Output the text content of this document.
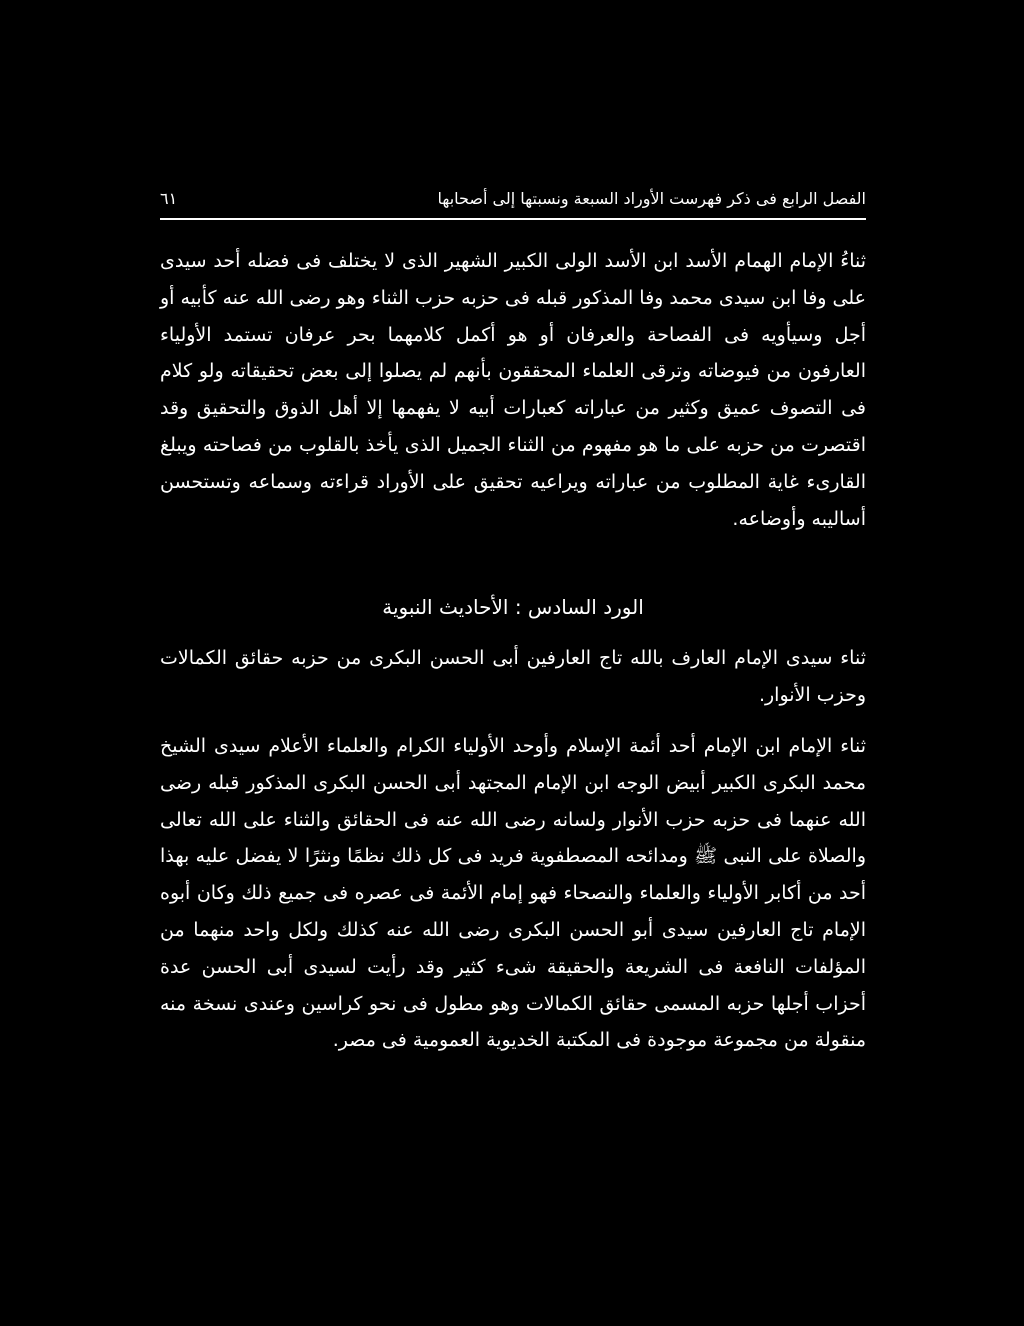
الفصل الرابع فى ذكر فهرست الأوراد السبعة ونسبتها إلى أصحابها
٦١

ثناءُ الإمام الهمام الأسد ابن الأسد الولى الكبير الشهير الذى لا يختلف فى فضله أحد سيدى على وفا ابن سيدى محمد وفا المذكور قبله فى حزبه حزب الثناء وهو رضى الله عنه كأبيه أو أجل وسيأويه فى الفصاحة والعرفان أو هو أكمل كلامهما بحر عرفان تستمد الأولياء العارفون من فيوضاته وترقى العلماء المحققون بأنهم لم يصلوا إلى بعض تحقيقاته ولو كلام فى التصوف عميق وكثير من عباراته كعبارات أبيه لا يفهمها إلا أهل الذوق والتحقيق وقد اقتصرت من حزبه على ما هو مفهوم من الثناء الجميل الذى يأخذ بالقلوب من فصاحته ويبلغ القارىء غاية المطلوب من عباراته ويراعيه تحقيق على الأوراد قراءته وسماعه وتستحسن أساليبه وأوضاعه.

الورد السادس : الأحاديث النبوية

ثناء سيدى الإمام العارف بالله تاج العارفين أبى الحسن البكرى من حزبه حقائق الكمالات وحزب الأنوار.

ثناء الإمام ابن الإمام أحد أئمة الإسلام وأوحد الأولياء الكرام والعلماء الأعلام سيدى الشيخ محمد البكرى الكبير أبيض الوجه ابن الإمام المجتهد أبى الحسن البكرى المذكور قبله رضى الله عنهما فى حزبه حزب الأنوار ولسانه رضى الله عنه فى الحقائق والثناء على الله تعالى والصلاة على النبى ﷺ ومدائحه المصطفوية فريد فى كل ذلك نظمًا ونثرًا لا يفضل عليه بهذا أحد من أكابر الأولياء والعلماء والنصحاء فهو إمام الأئمة فى عصره فى جميع ذلك وكان أبوه الإمام تاج العارفين سيدى أبو الحسن البكرى رضى الله عنه كذلك ولكل واحد منهما من المؤلفات النافعة فى الشريعة والحقيقة شىء كثير وقد رأيت لسيدى أبى الحسن عدة أحزاب أجلها حزبه المسمى حقائق الكمالات وهو مطول فى نحو كراسين وعندى نسخة منه منقولة من مجموعة موجودة فى المكتبة الخديوية العمومية فى مصر.
